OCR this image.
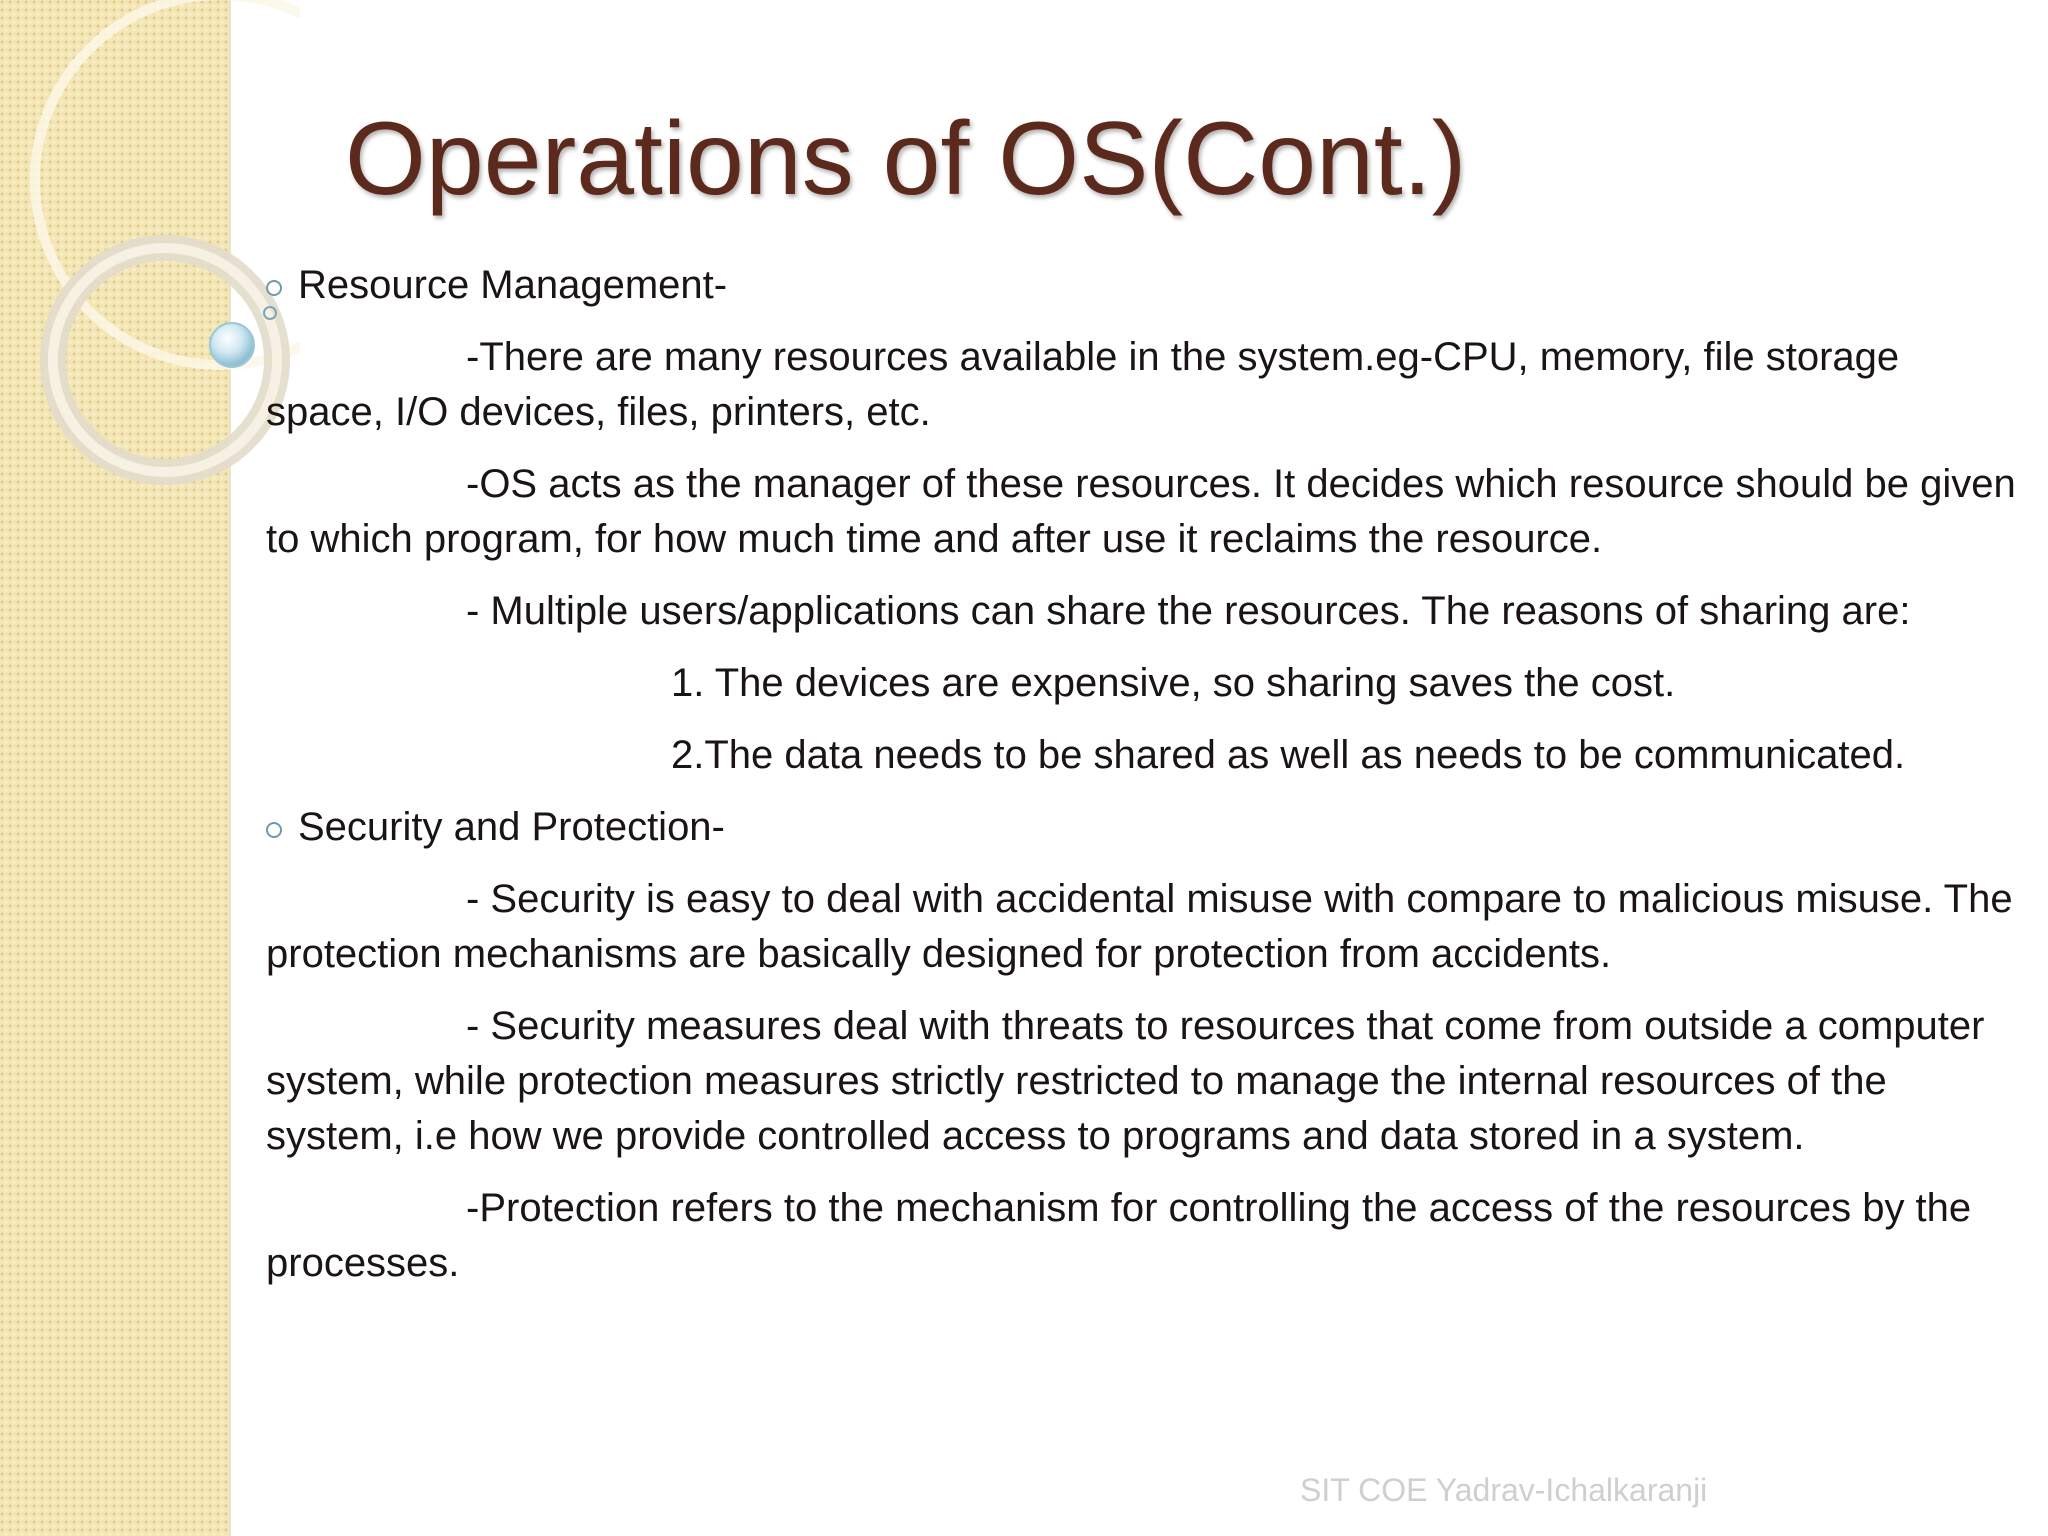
Operations of OS(Cont.)

Resource Management-

-There are many resources available in the system.eg-CPU, memory, file storage space, I/O devices, files, printers, etc.

-OS acts as the manager of these resources. It decides which resource should be given to which program, for how much time and after use it reclaims the resource.

- Multiple users/applications can share the resources. The reasons of sharing are:

1. The devices are expensive, so sharing saves the cost.

2.The data needs to be shared as well as needs to be communicated.

Security and Protection-

- Security is easy to deal with accidental misuse with compare to malicious misuse. The protection mechanisms are basically designed for protection from accidents.

- Security measures deal with threats to resources that come from outside a computer system, while protection measures strictly restricted to manage the internal resources of the system, i.e how we provide controlled access to programs and data stored in a system.

-Protection refers to the mechanism for controlling the access of the resources by the processes.

SIT COE Yadrav-Ichalkaranji
